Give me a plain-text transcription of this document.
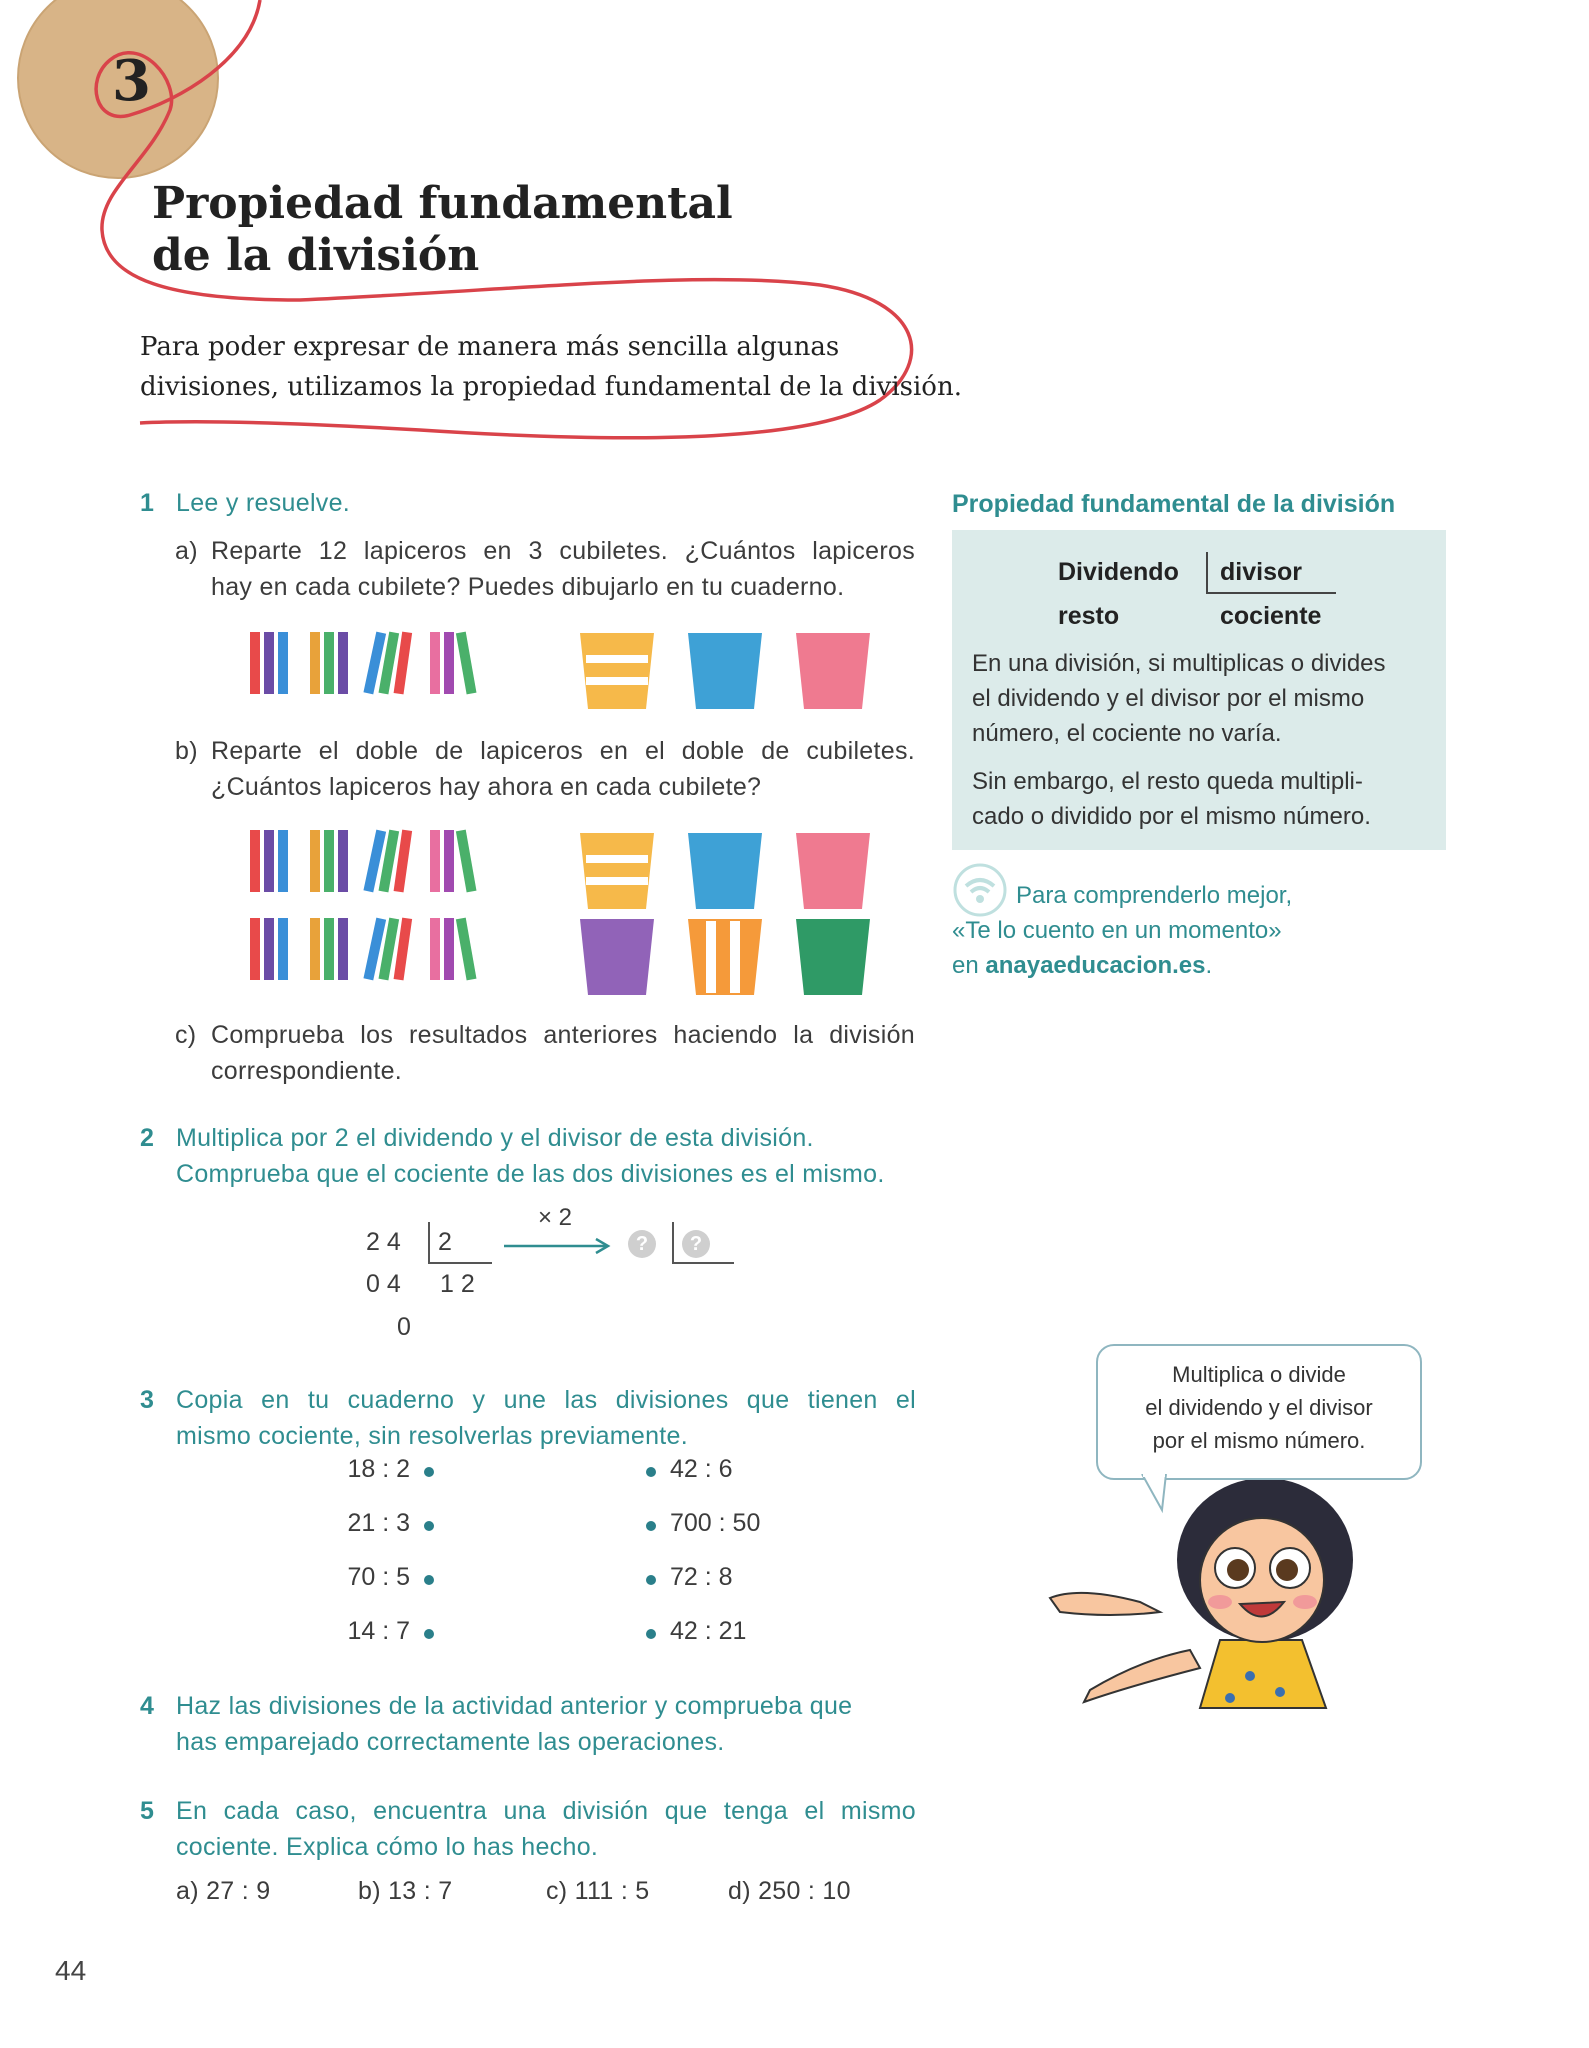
3
Propiedad fundamental
de la división
Para poder expresar de manera más sencilla algunas
divisiones, utilizamos la propiedad fundamental de la división.
1 Lee y resuelve.
a) Reparte 12 lapiceros en 3 cubiletes. ¿Cuántos lapiceros
hay en cada cubilete? Puedes dibujarlo en tu cuaderno.
b) Reparte el doble de lapiceros en el doble de cubiletes.
¿Cuántos lapiceros hay ahora en cada cubilete?
c) Comprueba los resultados anteriores haciendo la división
correspondiente.
2 Multiplica por 2 el dividendo y el divisor de esta división.
Comprueba que el cociente de las dos divisiones es el mismo.
2 4 2
0 4 1 2
0
× 2
?	?
3 Copia en tu cuaderno y une las divisiones que tienen el
mismo cociente, sin resolverlas previamente.
18 : 2
21 : 3
70 : 5
14 : 7
42 : 6
700 : 50
72 : 8
42 : 21
4 Haz las divisiones de la actividad anterior y comprueba que
has emparejado correctamente las operaciones.
5 En cada caso, encuentra una división que tenga el mismo
cociente. Explica cómo lo has hecho.
a) 27 : 9	b) 13 : 7	c) 111 : 5	d) 250 : 10
Propiedad fundamental de la división
Dividendo divisor
resto	cociente
En una división, si multiplicas o divides
el dividendo y el divisor por el mismo
número, el cociente no varía.
Sin embargo, el resto queda multipli-
cado o dividido por el mismo número.
Para comprenderlo mejor,
«Te lo cuento en un momento»
en anayaeducacion.es.
Multiplica o divide
el dividendo y el divisor
por el mismo número.
44
